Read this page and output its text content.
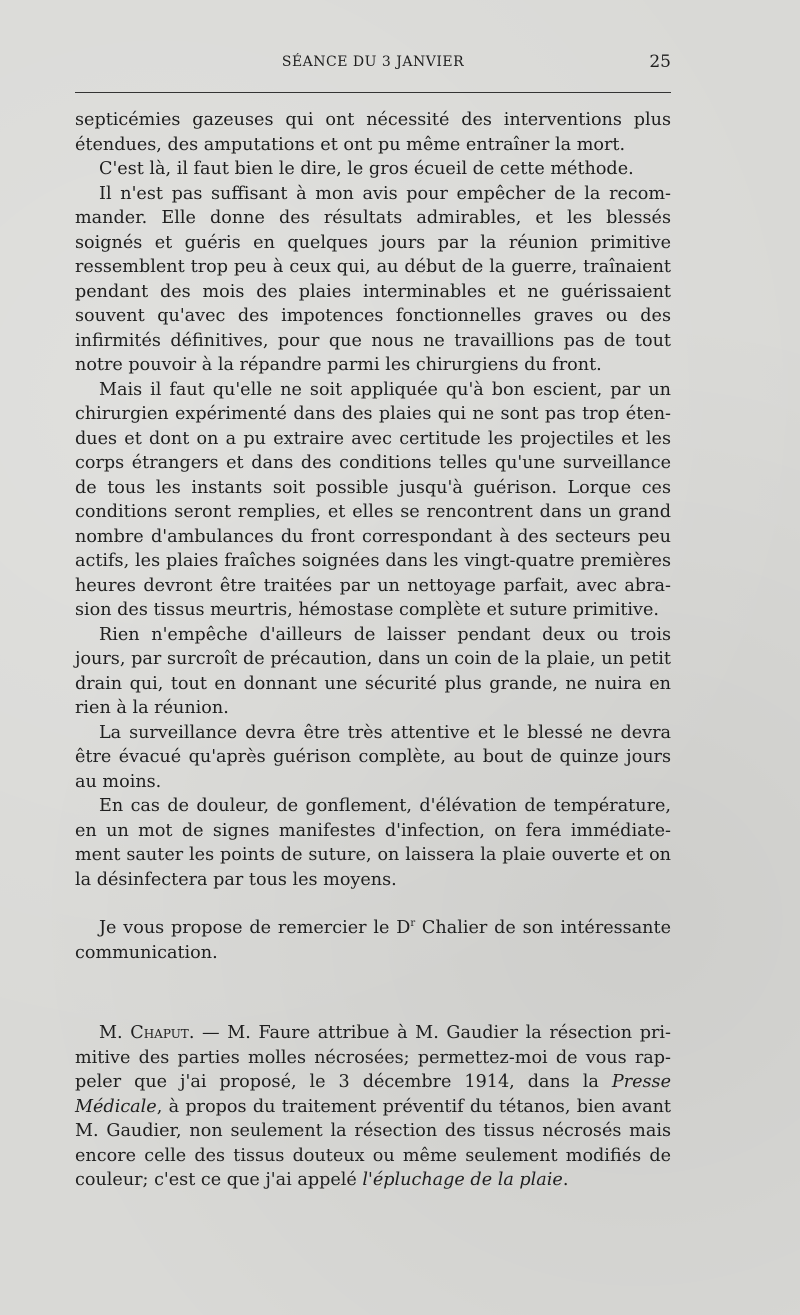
SÉANCE DU 3 JANVIER	25

septicémies gazeuses qui ont nécessité des interventions plus étendues, des amputations et ont pu même entraîner la mort.

C'est là, il faut bien le dire, le gros écueil de cette méthode.

Il n'est pas suffisant à mon avis pour empêcher de la recommander. Elle donne des résultats admirables, et les blessés soignés et guéris en quelques jours par la réunion primitive ressemblent trop peu à ceux qui, au début de la guerre, traînaient pendant des mois des plaies interminables et ne guérissaient souvent qu'avec des impotences fonctionnelles graves ou des infirmités définitives, pour que nous ne travaillions pas de tout notre pouvoir à la répandre parmi les chirurgiens du front.

Mais il faut qu'elle ne soit appliquée qu'à bon escient, par un chirurgien expérimenté dans des plaies qui ne sont pas trop étendues et dont on a pu extraire avec certitude les projectiles et les corps étrangers et dans des conditions telles qu'une surveillance de tous les instants soit possible jusqu'à guérison. Lorque ces conditions seront remplies, et elles se rencontrent dans un grand nombre d'ambulances du front correspondant à des secteurs peu actifs, les plaies fraîches soignées dans les vingt-quatre premières heures devront être traitées par un nettoyage parfait, avec abrasion des tissus meurtris, hémostase complète et suture primitive.

Rien n'empêche d'ailleurs de laisser pendant deux ou trois jours, par surcroît de précaution, dans un coin de la plaie, un petit drain qui, tout en donnant une sécurité plus grande, ne nuira en rien à la réunion.

La surveillance devra être très attentive et le blessé ne devra être évacué qu'après guérison complète, au bout de quinze jours au moins.

En cas de douleur, de gonflement, d'élévation de température, en un mot de signes manifestes d'infection, on fera immédiatement sauter les points de suture, on laissera la plaie ouverte et on la désinfectera par tous les moyens.

Je vous propose de remercier le $D^r$ Chalier de son intéressante communication.

M. Chaput. — M. Faure attribue à M. Gaudier la résection primitive des parties molles nécrosées; permettez-moi de vous rappeler que j'ai proposé, le 3 décembre 1914, dans la Presse Médicale, à propos du traitement préventif du tétanos, bien avant M. Gaudier, non seulement la résection des tissus nécrosés mais encore celle des tissus douteux ou même seulement modifiés de couleur; c'est ce que j'ai appelé l'épluchage de la plaie.
